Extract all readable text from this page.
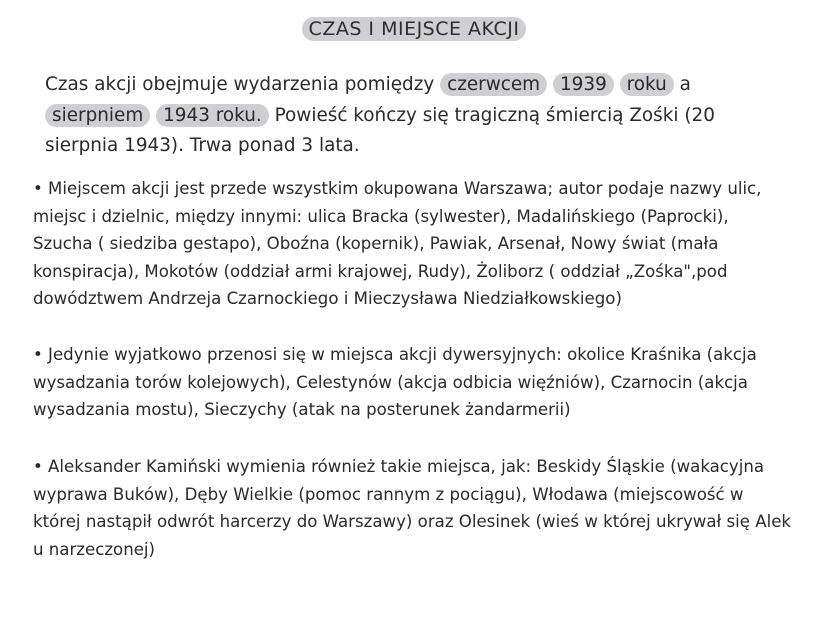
CZAS I MIEJSCE AKCJI

Czas akcji obejmuje wydarzenia pomiędzy czerwcem 1939 roku a sierpniem 1943 roku. Powieść kończy się tragiczną śmiercią Zośki (20 sierpnia 1943). Trwa ponad 3 lata.

• Miejscem akcji jest przede wszystkim okupowana Warszawa; autor podaje nazwy ulic, miejsc i dzielnic, między innymi: ulica Bracka (sylwester), Madalińskiego (Paprocki), Szucha ( siedziba gestapo), Oboźna (kopernik), Pawiak, Arsenał, Nowy świat (mała konspiracja), Mokotów (oddział armi krajowej, Rudy), Żoliborz ( oddział „Zośka",pod dowództwem Andrzeja Czarnockiego i Mieczysława Niedziałkowskiego)

• Jedynie wyjatkowo przenosi się w miejsca akcji dywersyjnych: okolice Kraśnika (akcja wysadzania torów kolejowych), Celestynów (akcja odbicia więźniów), Czarnocin (akcja wysadzania mostu), Sieczychy (atak na posterunek żandarmerii)

• Aleksander Kamiński wymienia również takie miejsca, jak: Beskidy Śląskie (wakacyjna wyprawa Buków), Dęby Wielkie (pomoc rannym z pociągu), Włodawa (miejscowość w której nastąpił odwrót harcerzy do Warszawy) oraz Olesinek (wieś w której ukrywał się Alek u narzeczonej)
